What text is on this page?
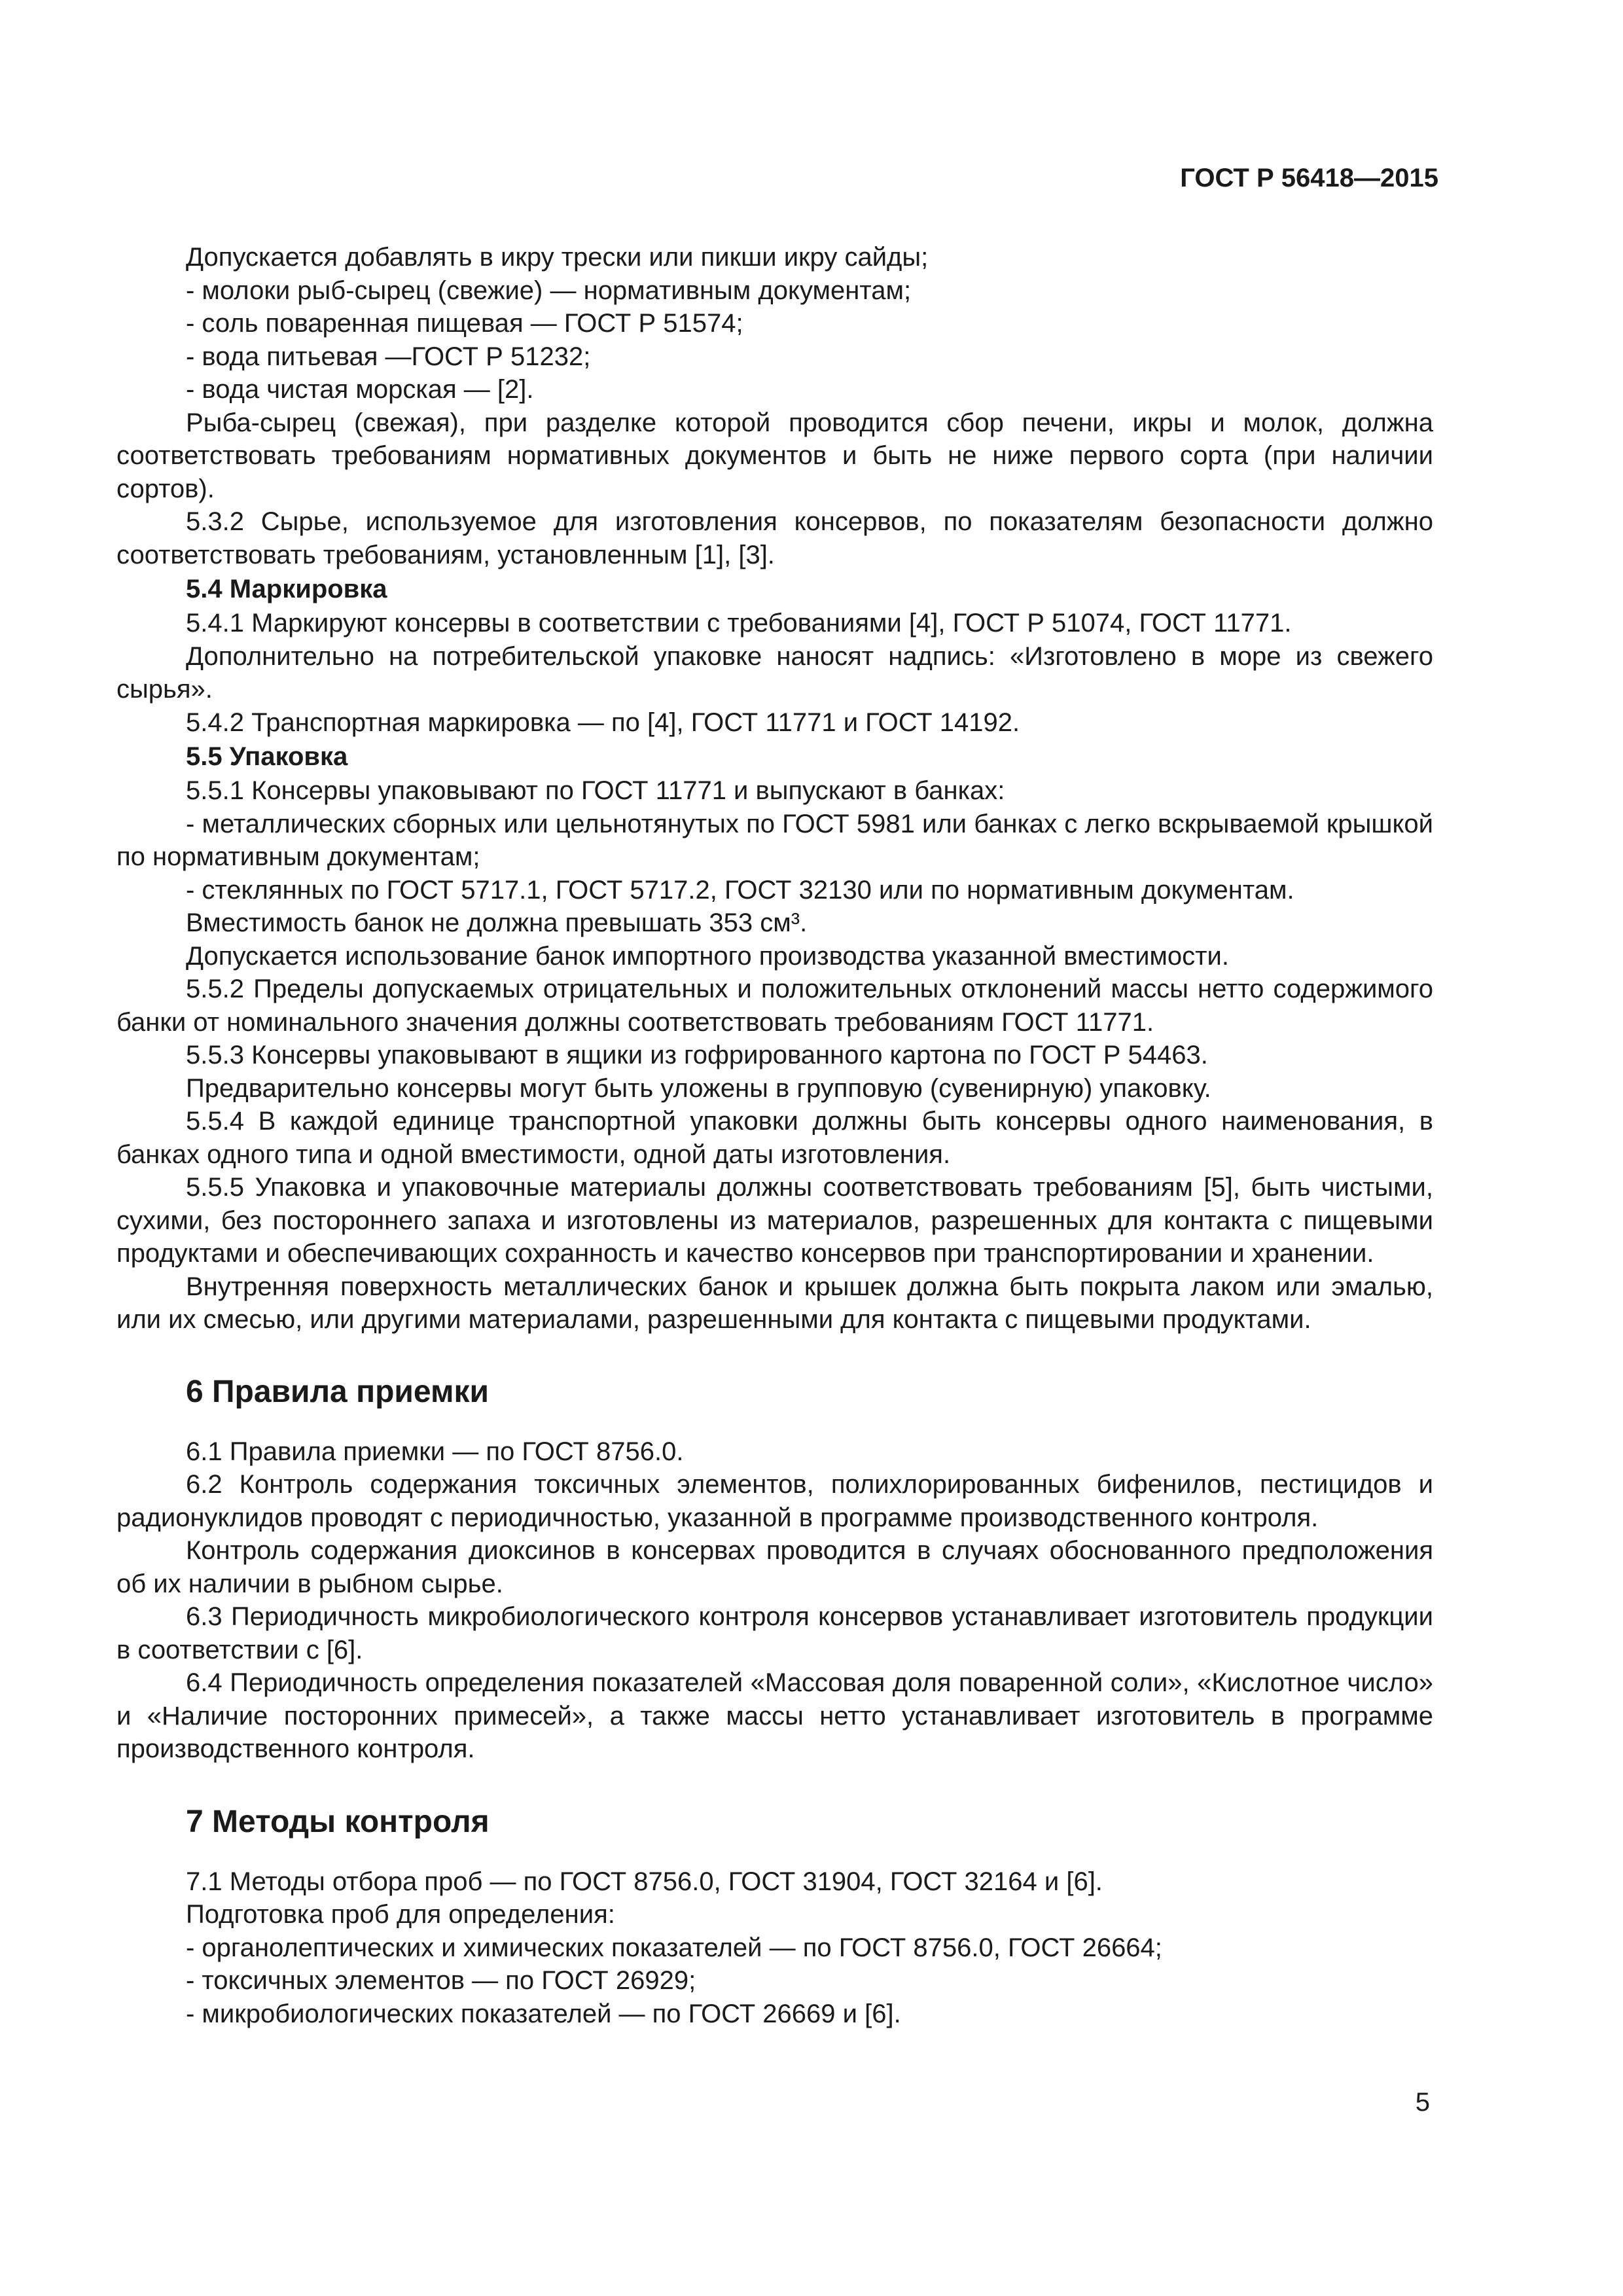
ГОСТ Р 56418—2015

Допускается добавлять в икру трески или пикши икру сайды;

- молоки рыб-сырец (свежие) — нормативным документам;

- соль поваренная пищевая — ГОСТ Р 51574;

- вода питьевая —ГОСТ Р 51232;

- вода чистая морская — [2].

Рыба-сырец (свежая), при разделке которой проводится сбор печени, икры и молок, должна соответствовать требованиям нормативных документов и быть не ниже первого сорта (при наличии сортов).

5.3.2 Сырье, используемое для изготовления консервов, по показателям безопасности должно соответствовать требованиям, установленным [1], [3].

5.4 Маркировка

5.4.1 Маркируют консервы в соответствии с требованиями [4], ГОСТ Р 51074, ГОСТ 11771.

Дополнительно на потребительской упаковке наносят надпись: «Изготовлено в море из свежего сырья».

5.4.2 Транспортная маркировка — по [4], ГОСТ 11771 и ГОСТ 14192.

5.5 Упаковка

5.5.1 Консервы упаковывают по ГОСТ 11771 и выпускают в банках:

- металлических сборных или цельнотянутых по ГОСТ 5981 или банках с легко вскрываемой крышкой по нормативным документам;

- стеклянных по ГОСТ 5717.1, ГОСТ 5717.2, ГОСТ 32130 или по нормативным документам.

Вместимость банок не должна превышать 353 см³.

Допускается использование банок импортного производства указанной вместимости.

5.5.2 Пределы допускаемых отрицательных и положительных отклонений массы нетто содержимого банки от номинального значения должны соответствовать требованиям ГОСТ 11771.

5.5.3 Консервы упаковывают в ящики из гофрированного картона по ГОСТ Р 54463.

Предварительно консервы могут быть уложены в групповую (сувенирную) упаковку.

5.5.4 В каждой единице транспортной упаковки должны быть консервы одного наименования, в банках одного типа и одной вместимости, одной даты изготовления.

5.5.5 Упаковка и упаковочные материалы должны соответствовать требованиям [5], быть чистыми, сухими, без постороннего запаха и изготовлены из материалов, разрешенных для контакта с пищевыми продуктами и обеспечивающих сохранность и качество консервов при транспортировании и хранении.

Внутренняя поверхность металлических банок и крышек должна быть покрыта лаком или эмалью, или их смесью, или другими материалами, разрешенными для контакта с пищевыми продуктами.

6 Правила приемки

6.1 Правила приемки — по ГОСТ 8756.0.

6.2 Контроль содержания токсичных элементов, полихлорированных бифенилов, пестицидов и радионуклидов проводят с периодичностью, указанной в программе производственного контроля.

Контроль содержания диоксинов в консервах проводится в случаях обоснованного предположения об их наличии в рыбном сырье.

6.3 Периодичность микробиологического контроля консервов устанавливает изготовитель продукции в соответствии с [6].

6.4 Периодичность определения показателей «Массовая доля поваренной соли», «Кислотное число» и «Наличие посторонних примесей», а также массы нетто устанавливает изготовитель в программе производственного контроля.

7 Методы контроля

7.1 Методы отбора проб — по ГОСТ 8756.0, ГОСТ 31904, ГОСТ 32164 и [6].

Подготовка проб для определения:

- органолептических и химических показателей — по ГОСТ 8756.0, ГОСТ 26664;

- токсичных элементов — по ГОСТ 26929;

- микробиологических показателей — по ГОСТ 26669 и [6].

5
